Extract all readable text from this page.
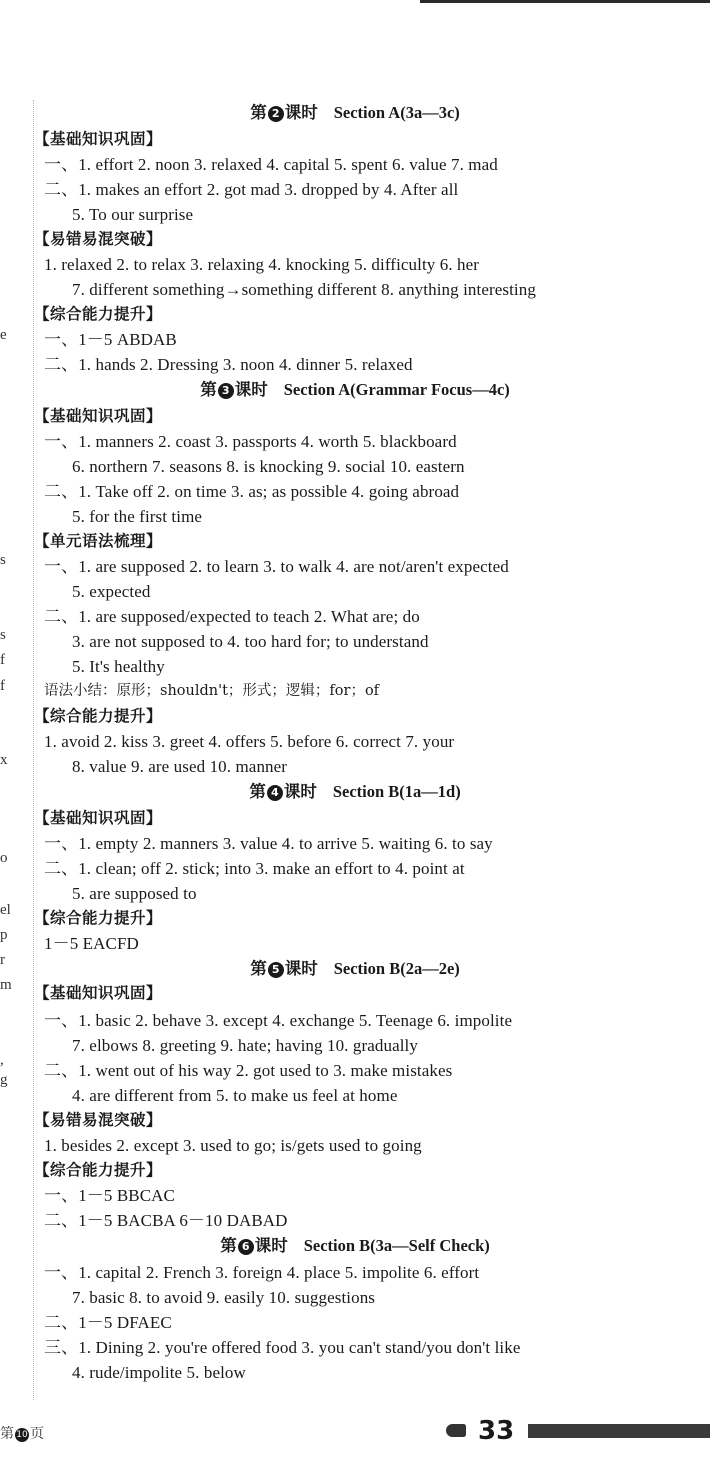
e
s
s
f
f
x
o
el
p
r
m
,
g
第 2 课时 Section A(3a—3c)
【基础知识巩固】
一、1. effort 2. noon 3. relaxed 4. capital 5. spent 6. value 7. mad
二、1. makes an effort 2. got mad 3. dropped by 4. After all
5. To our surprise
【易错易混突破】
1. relaxed 2. to relax 3. relaxing 4. knocking 5. difficulty 6. her
7. different something→something different 8. anything interesting
【综合能力提升】
一、1－5 ABDAB
二、1. hands 2. Dressing 3. noon 4. dinner 5. relaxed
第 3 课时 Section A(Grammar Focus—4c)
【基础知识巩固】
一、1. manners 2. coast 3. passports 4. worth 5. blackboard
6. northern 7. seasons 8. is knocking 9. social 10. eastern
二、1. Take off 2. on time 3. as; as possible 4. going abroad
5. for the first time
【单元语法梳理】
一、1. are supposed 2. to learn 3. to walk 4. are not/aren't expected
5. expected
二、1. are supposed/expected to teach 2. What are; do
3. are not supposed to 4. too hard for; to understand
5. It's healthy
语法小结：原形；shouldn't；形式；逻辑；for；of
【综合能力提升】
1. avoid 2. kiss 3. greet 4. offers 5. before 6. correct 7. your
8. value 9. are used 10. manner
第 4 课时 Section B(1a—1d)
【基础知识巩固】
一、1. empty 2. manners 3. value 4. to arrive 5. waiting 6. to say
二、1. clean; off 2. stick; into 3. make an effort to 4. point at
5. are supposed to
【综合能力提升】
1－5 EACFD
第 5 课时 Section B(2a—2e)
【基础知识巩固】
一、1. basic 2. behave 3. except 4. exchange 5. Teenage 6. impolite
7. elbows 8. greeting 9. hate; having 10. gradually
二、1. went out of his way 2. got used to 3. make mistakes
4. are different from 5. to make us feel at home
【易错易混突破】
1. besides 2. except 3. used to go; is/gets used to going
【综合能力提升】
一、1－5 BBCAC
二、1－5 BACBA 6－10 DABAD
第 6 课时 Section B(3a—Self Check)
一、1. capital 2. French 3. foreign 4. place 5. impolite 6. effort
7. basic 8. to avoid 9. easily 10. suggestions
二、1－5 DFAEC
三、1. Dining 2. you're offered food 3. you can't stand/you don't like
4. rude/impolite 5. below
第 10 页	33
